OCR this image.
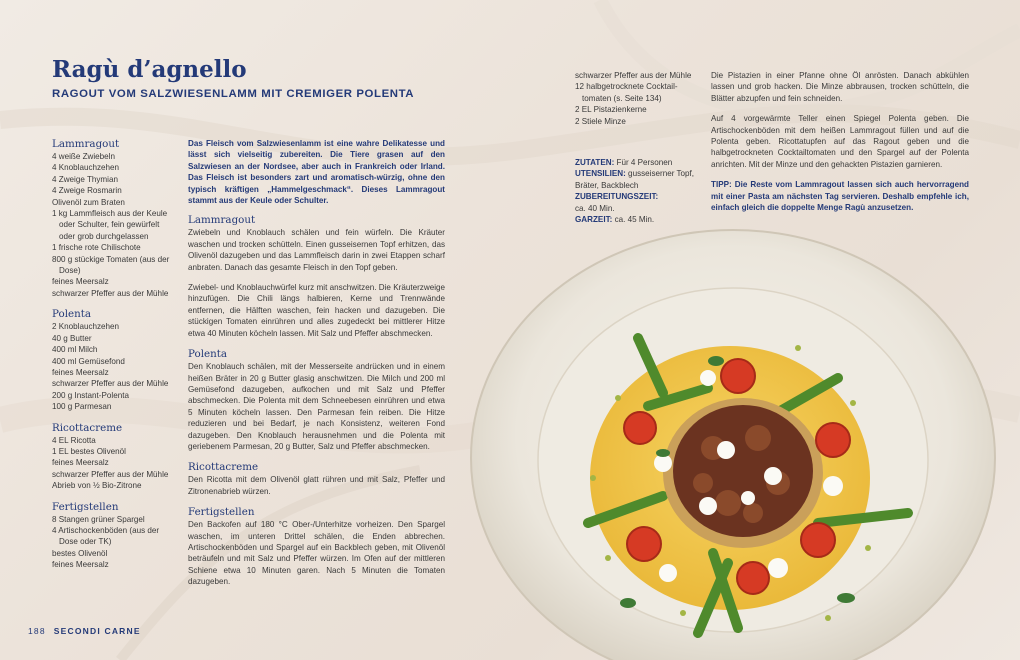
Ragù d’agnello
RAGOUT VOM SALZWIESENLAMM MIT CREMIGER POLENTA

Lammragout

4 weiße Zwiebeln

4 Knoblauchzehen

4 Zweige Thymian

4 Zweige Rosmarin

Olivenöl zum Braten

1 kg Lammfleisch aus der Keule

oder Schulter, fein gewürfelt

oder grob durchgelassen

1 frische rote Chilischote

800 g stückige Tomaten (aus der

Dose)

feines Meersalz

schwarzer Pfeffer aus der Mühle

Polenta

2 Knoblauchzehen

40 g Butter

400 ml Milch

400 ml Gemüsefond

feines Meersalz

schwarzer Pfeffer aus der Mühle

200 g Instant-Polenta

100 g Parmesan

Ricottacreme

4 EL Ricotta

1 EL bestes Olivenöl

feines Meersalz

schwarzer Pfeffer aus der Mühle

Abrieb von ½ Bio-Zitrone

Fertigstellen

8 Stangen grüner Spargel

4 Artischockenböden (aus der

Dose oder TK)

bestes Olivenöl

feines Meersalz

Das Fleisch vom Salzwiesenlamm ist eine wahre Delikatesse und lässt sich vielseitig zubereiten. Die Tiere grasen auf den Salzwiesen an der Nordsee, aber auch in Frankreich oder Irland. Das Fleisch ist besonders zart und aromatisch-würzig, ohne den typisch kräftigen „Hammelgeschmack“. Dieses Lammragout stammt aus der Keule oder Schulter.

Lammragout

Zwiebeln und Knoblauch schälen und fein würfeln. Die Kräuter waschen und trocken schütteln. Einen gusseisernen Topf erhitzen, das Olivenöl dazugeben und das Lammfleisch darin in zwei Etappen scharf anbraten. Danach das gesamte Fleisch in den Topf geben.

Zwiebel- und Knoblauchwürfel kurz mit anschwitzen. Die Kräuterzweige hinzufügen. Die Chili längs halbieren, Kerne und Trennwände entfernen, die Hälften waschen, fein hacken und dazugeben. Die stückigen Tomaten einrühren und alles zugedeckt bei mittlerer Hitze etwa 40 Minuten köcheln lassen. Mit Salz und Pfeffer abschmecken.

Polenta

Den Knoblauch schälen, mit der Messerseite andrücken und in einem heißen Bräter in 20 g Butter glasig anschwitzen. Die Milch und 200 ml Gemüsefond dazugeben, aufkochen und mit Salz und Pfeffer abschmecken. Die Polenta mit dem Schneebesen einrühren und etwa 5 Minuten köcheln lassen. Den Parmesan fein reiben. Die Hitze reduzieren und bei Bedarf, je nach Konsistenz, weiteren Fond dazugeben. Den Knoblauch herausnehmen und die Polenta mit geriebenem Parmesan, 20 g Butter, Salz und Pfeffer abschmecken.

Ricottacreme

Den Ricotta mit dem Olivenöl glatt rühren und mit Salz, Pfeffer und Zitronenabrieb würzen.

Fertigstellen

Den Backofen auf 180 °C Ober-/Unterhitze vorheizen. Den Spargel waschen, im unteren Drittel schälen, die Enden abbrechen. Artischockenböden und Spargel auf ein Backblech geben, mit Olivenöl beträufeln und mit Salz und Pfeffer würzen. Im Ofen auf der mittleren Schiene etwa 10 Minuten garen. Nach 5 Minuten die Tomaten dazugeben.

schwarzer Pfeffer aus der Mühle

12 halbgetrocknete Cocktail-

tomaten (s. Seite 134)

2 EL Pistazienkerne

2 Stiele Minze

ZUTATEN: Für 4 Personen

UTENSILIEN: gusseiserner Topf, Bräter, Backblech

ZUBEREITUNGSZEIT:

ca. 40 Min.

GARZEIT: ca. 45 Min.

Die Pistazien in einer Pfanne ohne Öl anrösten. Danach abkühlen lassen und grob hacken. Die Minze abbrausen, trocken schütteln, die Blätter abzupfen und fein schneiden.

Auf 4 vorgewärmte Teller einen Spiegel Polenta geben. Die Artischockenböden mit dem heißen Lammragout füllen und auf die Polenta geben. Ricottatupfen auf das Ragout geben und die halbgetrockneten Cocktailtomaten und den Spargel auf der Polenta anrichten. Mit der Minze und den gehackten Pistazien garnieren.

TIPP: Die Reste vom Lammragout lassen sich auch hervorragend mit einer Pasta am nächsten Tag servieren. Deshalb empfehle ich, einfach gleich die doppelte Menge Ragù anzusetzen.

188 SECONDI CARNE
